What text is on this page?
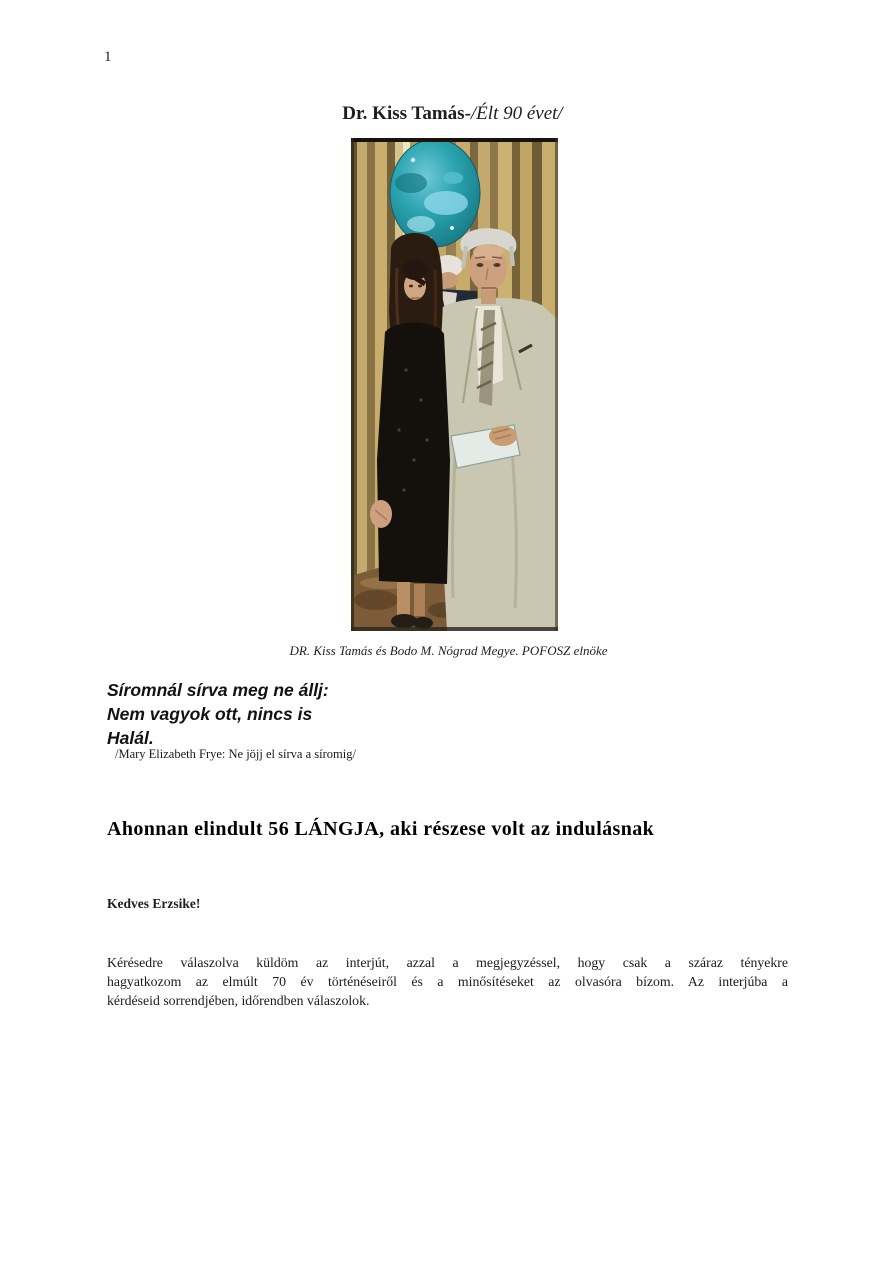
1
Dr. Kiss Tamás-/Élt 90 évet/
DR. Kiss Tamás és Bodo M. Nógrad Megye. POFOSZ elnöke
Síromnál sírva meg ne állj:
Nem vagyok ott, nincs is
Halál.
/Mary Elizabeth Frye: Ne jöjj el sírva a síromig/
Ahonnan elindult 56 LÁNGJA, aki részese volt az indulásnak
Kedves Erzsike!
Kérésedre válaszolva küldöm az interjút, azzal a megjegyzéssel, hogy csak a száraz tényekre
hagyatkozom az elmúlt 70 év történéseiről és a minősítéseket az olvasóra bízom. Az interjúba a
kérdéseid sorrendjében, időrendben válaszolok.
